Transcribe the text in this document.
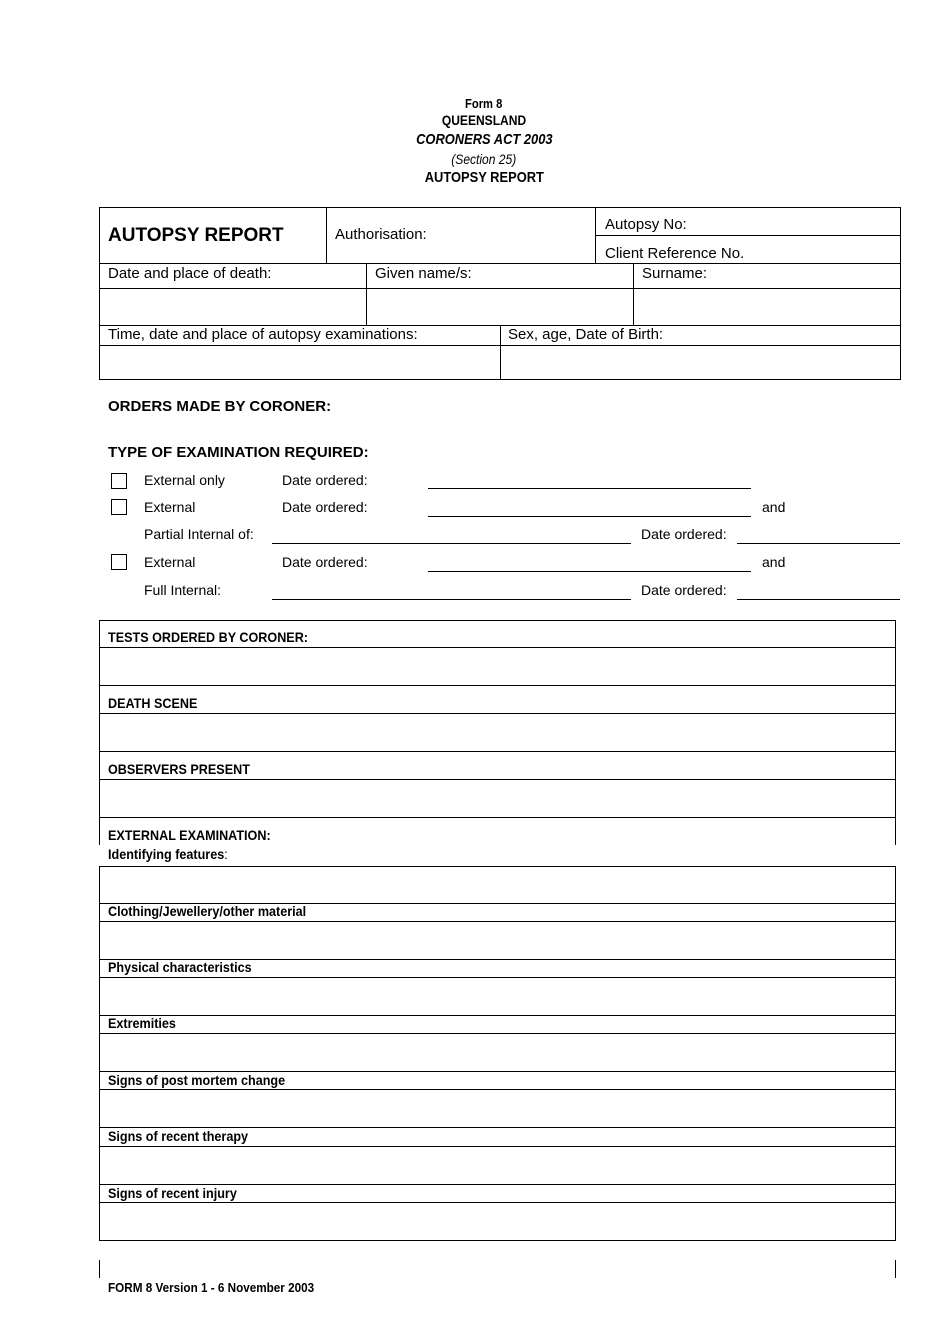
Form 8
QUEENSLAND
CORONERS ACT 2003
(Section 25)
AUTOPSY REPORT
AUTOPSY REPORT	Authorisation:
Autopsy No:
Client Reference No.
Date and place of death:	Given name/s:	Surname:
Time, date and place of autopsy examinations:	Sex, age, Date of Birth:
ORDERS MADE BY CORONER:
TYPE OF EXAMINATION REQUIRED:
External only	Date ordered:
External	Date ordered:	and
Partial Internal of:	Date ordered:
External	Date ordered:	and
Full Internal:	Date ordered:
TESTS ORDERED BY CORONER:
DEATH SCENE
OBSERVERS PRESENT
EXTERNAL EXAMINATION:
Identifying features:
Clothing/Jewellery/other material
Physical characteristics
Extremities
Signs of post mortem change
Signs of recent therapy
Signs of recent injury
FORM 8 Version 1 - 6 November 2003
